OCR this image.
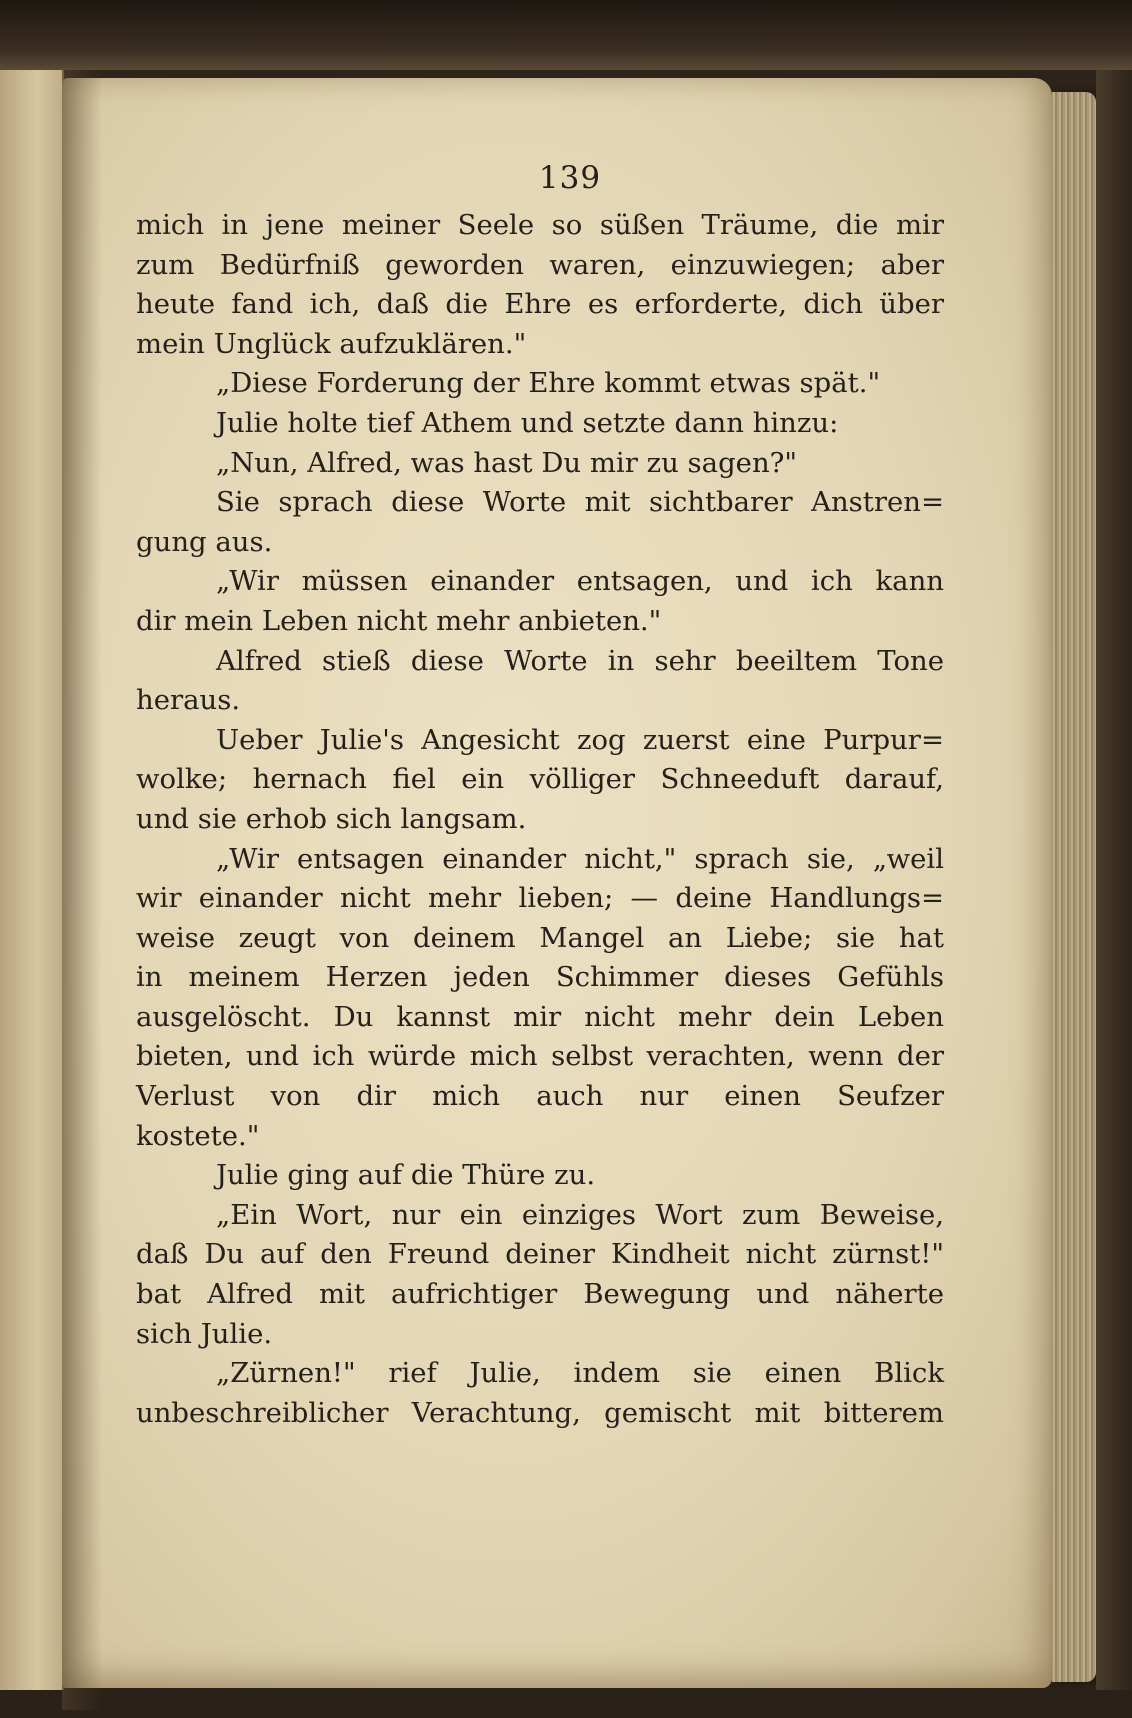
139
mich in jene meiner Seele so süßen Träume, die mir
zum Bedürfniß geworden waren, einzuwiegen; aber
heute fand ich, daß die Ehre es erforderte, dich über
mein Unglück aufzuklären."
„Diese Forderung der Ehre kommt etwas spät."
Julie holte tief Athem und setzte dann hinzu:
„Nun, Alfred, was hast Du mir zu sagen?"
Sie sprach diese Worte mit sichtbarer Anstren=
gung aus.
„Wir müssen einander entsagen, und ich kann
dir mein Leben nicht mehr anbieten."
Alfred stieß diese Worte in sehr beeiltem Tone
heraus.
Ueber Julie's Angesicht zog zuerst eine Purpur=
wolke; hernach fiel ein völliger Schneeduft darauf,
und sie erhob sich langsam.
„Wir entsagen einander nicht," sprach sie, „weil
wir einander nicht mehr lieben; — deine Handlungs=
weise zeugt von deinem Mangel an Liebe; sie hat
in meinem Herzen jeden Schimmer dieses Gefühls
ausgelöscht. Du kannst mir nicht mehr dein Leben
bieten, und ich würde mich selbst verachten, wenn der
Verlust von dir mich auch nur einen Seufzer
kostete."
Julie ging auf die Thüre zu.
„Ein Wort, nur ein einziges Wort zum Beweise,
daß Du auf den Freund deiner Kindheit nicht zürnst!"
bat Alfred mit aufrichtiger Bewegung und näherte
sich Julie.
„Zürnen!" rief Julie, indem sie einen Blick
unbeschreiblicher Verachtung, gemischt mit bitterem
